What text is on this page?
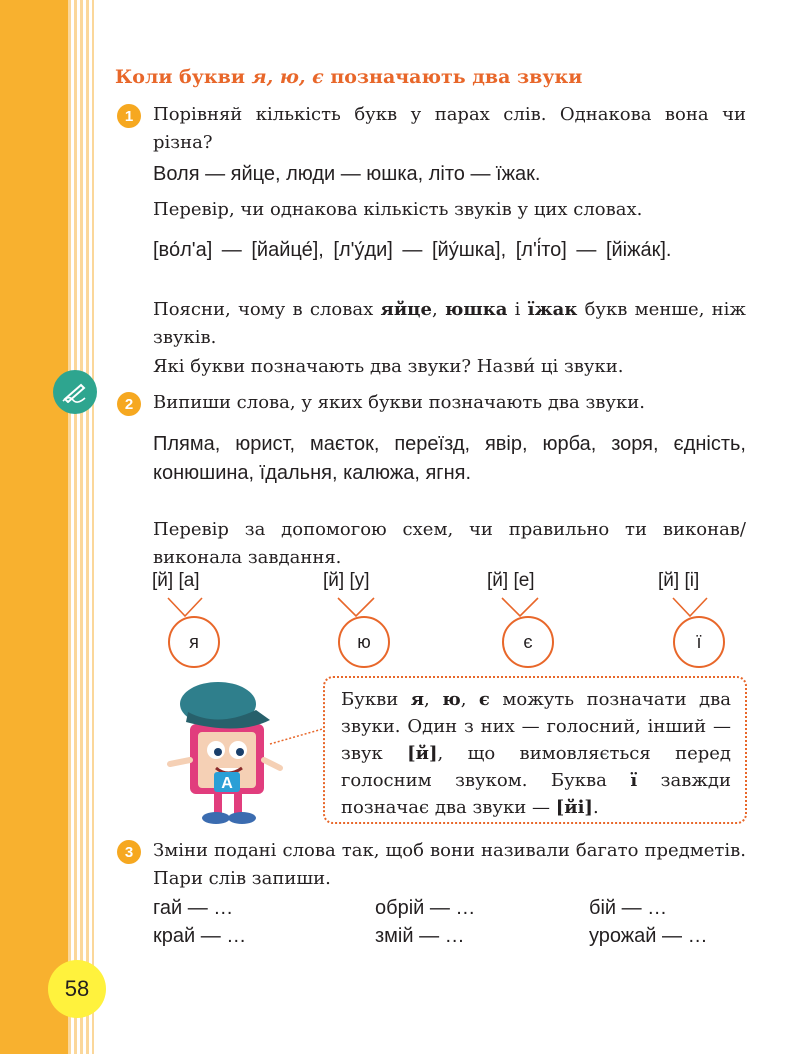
58
Коли букви я, ю, є позначають два звуки
1	Порівняй кількість букв у парах слів. Однакова вона чи різна?
Воля — яйце, люди — юшка, літо — їжак.
Перевір, чи однакова кількість звуків у цих словах.
[во́л'а] — [йайце́], [л'у́ди] — [йу́шка], [л'і́то] — [йіжа́к].
Поясни, чому в словах яйце, юшка і їжак букв менше, ніж звуків.
Які букви позначають два звуки? Назви́ ці звуки.
2	Випиши слова, у яких букви позначають два звуки.
Пляма, юрист, маєток, переїзд, явір, юрба, зоря, єдність, конюшина, їдальня, калюжа, ягня.
Перевір за допомогою схем, чи правильно ти виконав/виконала завдання.
[й] [а]	[й] [у]	[й] [е]	[й] [і]
я	ю	є	ї
А
Букви я, ю, є можуть позначати два звуки. Один з них — голосний, інший — звук [й], що вимовляється перед голосним звуком. Буква ї завжди позначає два звуки — [йі].
3	Зміни подані слова так, щоб вони називали багато предметів. Пари слів запиши.
гай — …	обрій — …	бій — …
край — …	змій — …	урожай — …
